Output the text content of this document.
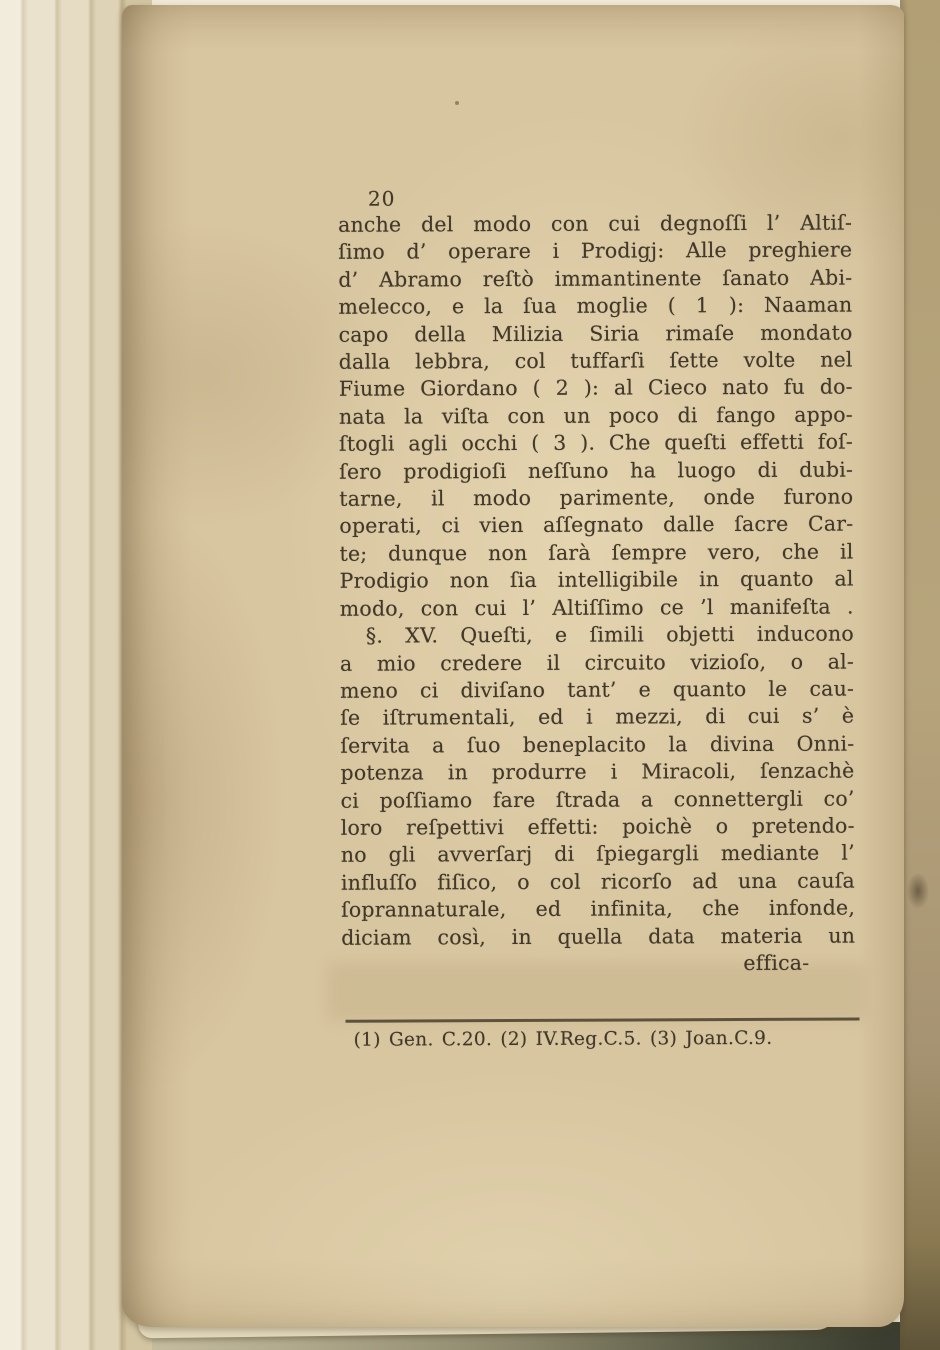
20
anche del modo con cui degnoſſi l’ Altiſ-
ſimo d’ operare i Prodigj: Alle preghiere
d’ Abramo reſtò immantinente ſanato Abi-
melecco, e la ſua moglie ( 1 ): Naaman
capo della Milizia Siria rimaſe mondato
dalla lebbra, col tuffarſi ſette volte nel
Fiume Giordano ( 2 ): al Cieco nato fu do-
nata la viſta con un poco di fango appo-
ſtogli agli occhi ( 3 ). Che queſti effetti foſ-
ſero prodigioſi neſſuno ha luogo di dubi-
tarne, il modo parimente, onde furono
operati, ci vien aſſegnato dalle ſacre Car-
te; dunque non ſarà ſempre vero, che il
Prodigio non ſia intelligibile in quanto al
modo, con cui l’ Altiſſimo ce ’l manifeſta .
§. XV. Queſti, e ſimili objetti inducono
a mio credere il circuito vizioſo, o al-
meno ci diviſano tant’ e quanto le cau-
ſe iſtrumentali, ed i mezzi, di cui s’ è
ſervita a ſuo beneplacito la divina Onni-
potenza in produrre i Miracoli, ſenzachè
ci poſſiamo fare ſtrada a connettergli co’
loro reſpettivi effetti: poichè o pretendo-
no gli avverſarj di ſpiegargli mediante l’
influſſo fiſico, o col ricorſo ad una cauſa
ſoprannaturale, ed infinita, che infonde,
diciam così, in quella data materia un
effica-
(1) Gen. C.20. (2) IV.Reg.C.5. (3) Joan.C.9.
